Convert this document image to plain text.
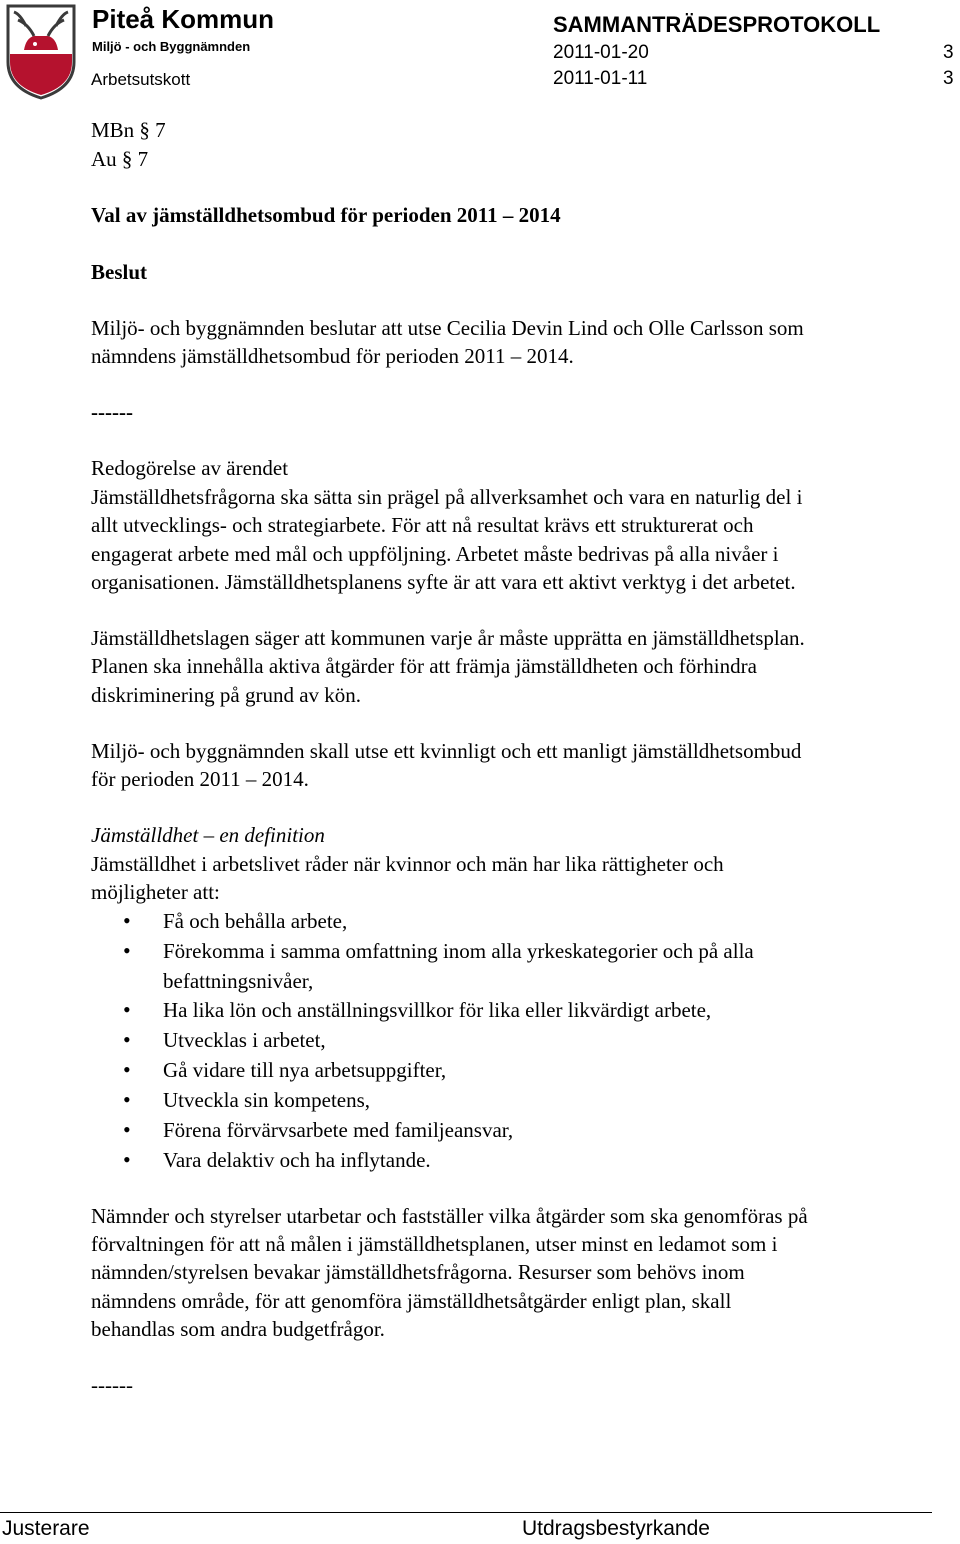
Piteå Kommun
Miljö - och Byggnämnden
Arbetsutskott
SAMMANTRÄDESPROTOKOLL
2011-01-20	3
2011-01-11	3
MBn § 7
Au § 7
Val av jämställdhetsombud för perioden 2011 – 2014
Beslut
Miljö- och byggnämnden beslutar att utse Cecilia Devin Lind och Olle Carlsson som
nämndens jämställdhetsombud för perioden 2011 – 2014.
------
Redogörelse av ärendet
Jämställdhetsfrågorna ska sätta sin prägel på allverksamhet och vara en naturlig del i
allt utvecklings- och strategiarbete. För att nå resultat krävs ett strukturerat och
engagerat arbete med mål och uppföljning. Arbetet måste bedrivas på alla nivåer i
organisationen. Jämställdhetsplanens syfte är att vara ett aktivt verktyg i det arbetet.
Jämställdhetslagen säger att kommunen varje år måste upprätta en jämställdhetsplan.
Planen ska innehålla aktiva åtgärder för att främja jämställdheten och förhindra
diskriminering på grund av kön.
Miljö- och byggnämnden skall utse ett kvinnligt och ett manligt jämställdhetsombud
för perioden 2011 – 2014.
Jämställdhet – en definition
Jämställdhet i arbetslivet råder när kvinnor och män har lika rättigheter och
möjligheter att:
• Få och behålla arbete,
• Förekomma i samma omfattning inom alla yrkeskategorier och på alla
befattningsnivåer,
• Ha lika lön och anställningsvillkor för lika eller likvärdigt arbete,
• Utvecklas i arbetet,
• Gå vidare till nya arbetsuppgifter,
• Utveckla sin kompetens,
• Förena förvärvsarbete med familjeansvar,
• Vara delaktiv och ha inflytande.
Nämnder och styrelser utarbetar och fastställer vilka åtgärder som ska genomföras på
förvaltningen för att nå målen i jämställdhetsplanen, utser minst en ledamot som i
nämnden/styrelsen bevakar jämställdhetsfrågorna. Resurser som behövs inom
nämndens område, för att genomföra jämställdhetsåtgärder enligt plan, skall
behandlas som andra budgetfrågor.
------
Justerare	Utdragsbestyrkande
